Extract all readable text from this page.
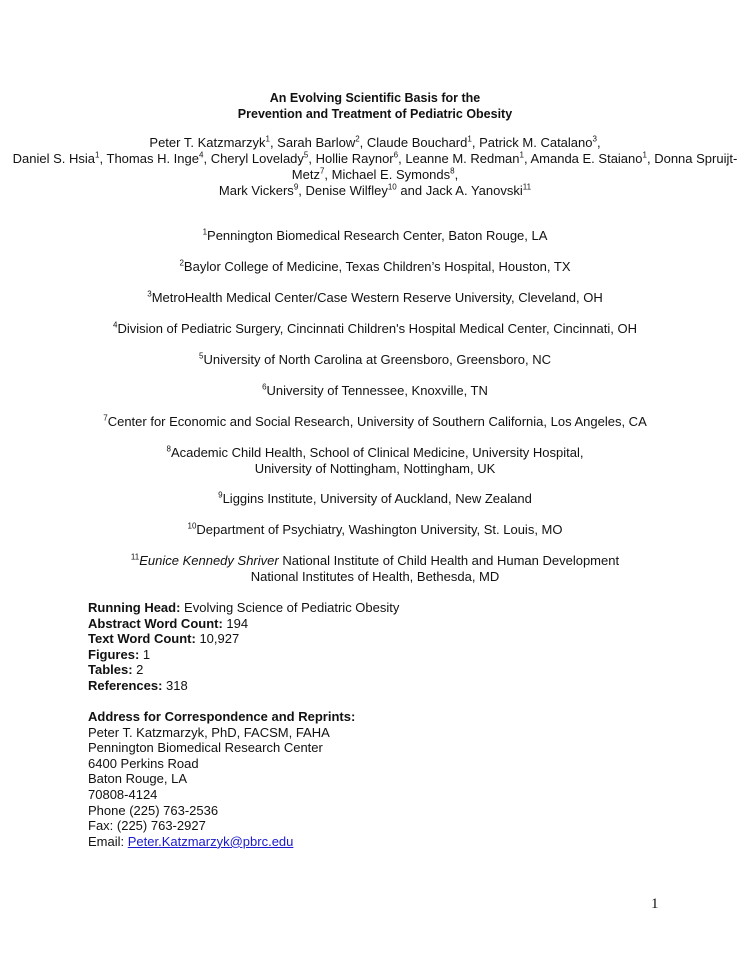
An Evolving Scientific Basis for the
Prevention and Treatment of Pediatric Obesity
Peter T. Katzmarzyk$^1$, Sarah Barlow$^2$, Claude Bouchard$^1$, Patrick M. Catalano$^3$,
Daniel S. Hsia$^1$, Thomas H. Inge$^4$, Cheryl Lovelady$^5$, Hollie Raynor$^6$, Leanne M. Redman$^1$, Amanda E. Staiano$^1$, Donna Spruijt-Metz$^7$, Michael E. Symonds$^8$,
Mark Vickers$^9$, Denise Wilfley$^{10}$ and Jack A. Yanovski$^{11}$
$^1$Pennington Biomedical Research Center, Baton Rouge, LA
$^2$Baylor College of Medicine, Texas Children’s Hospital, Houston, TX
$^3$MetroHealth Medical Center/Case Western Reserve University, Cleveland, OH
$^4$Division of Pediatric Surgery, Cincinnati Children's Hospital Medical Center, Cincinnati, OH
$^5$University of North Carolina at Greensboro, Greensboro, NC
$^6$University of Tennessee, Knoxville, TN
$^7$Center for Economic and Social Research, University of Southern California, Los Angeles, CA
$^8$Academic Child Health, School of Clinical Medicine, University Hospital,
University of Nottingham, Nottingham, UK
$^9$Liggins Institute, University of Auckland, New Zealand
$^{10}$Department of Psychiatry, Washington University, St. Louis, MO
$^{11}$Eunice Kennedy Shriver National Institute of Child Health and Human Development
National Institutes of Health, Bethesda, MD
Running Head: Evolving Science of Pediatric Obesity
Abstract Word Count: 194
Text Word Count: 10,927
Figures: 1
Tables: 2
References: 318
Address for Correspondence and Reprints:
Peter T. Katzmarzyk, PhD, FACSM, FAHA
Pennington Biomedical Research Center
6400 Perkins Road
Baton Rouge, LA
70808-4124
Phone (225) 763-2536
Fax: (225) 763-2927
Email: Peter.Katzmarzyk@pbrc.edu
1
